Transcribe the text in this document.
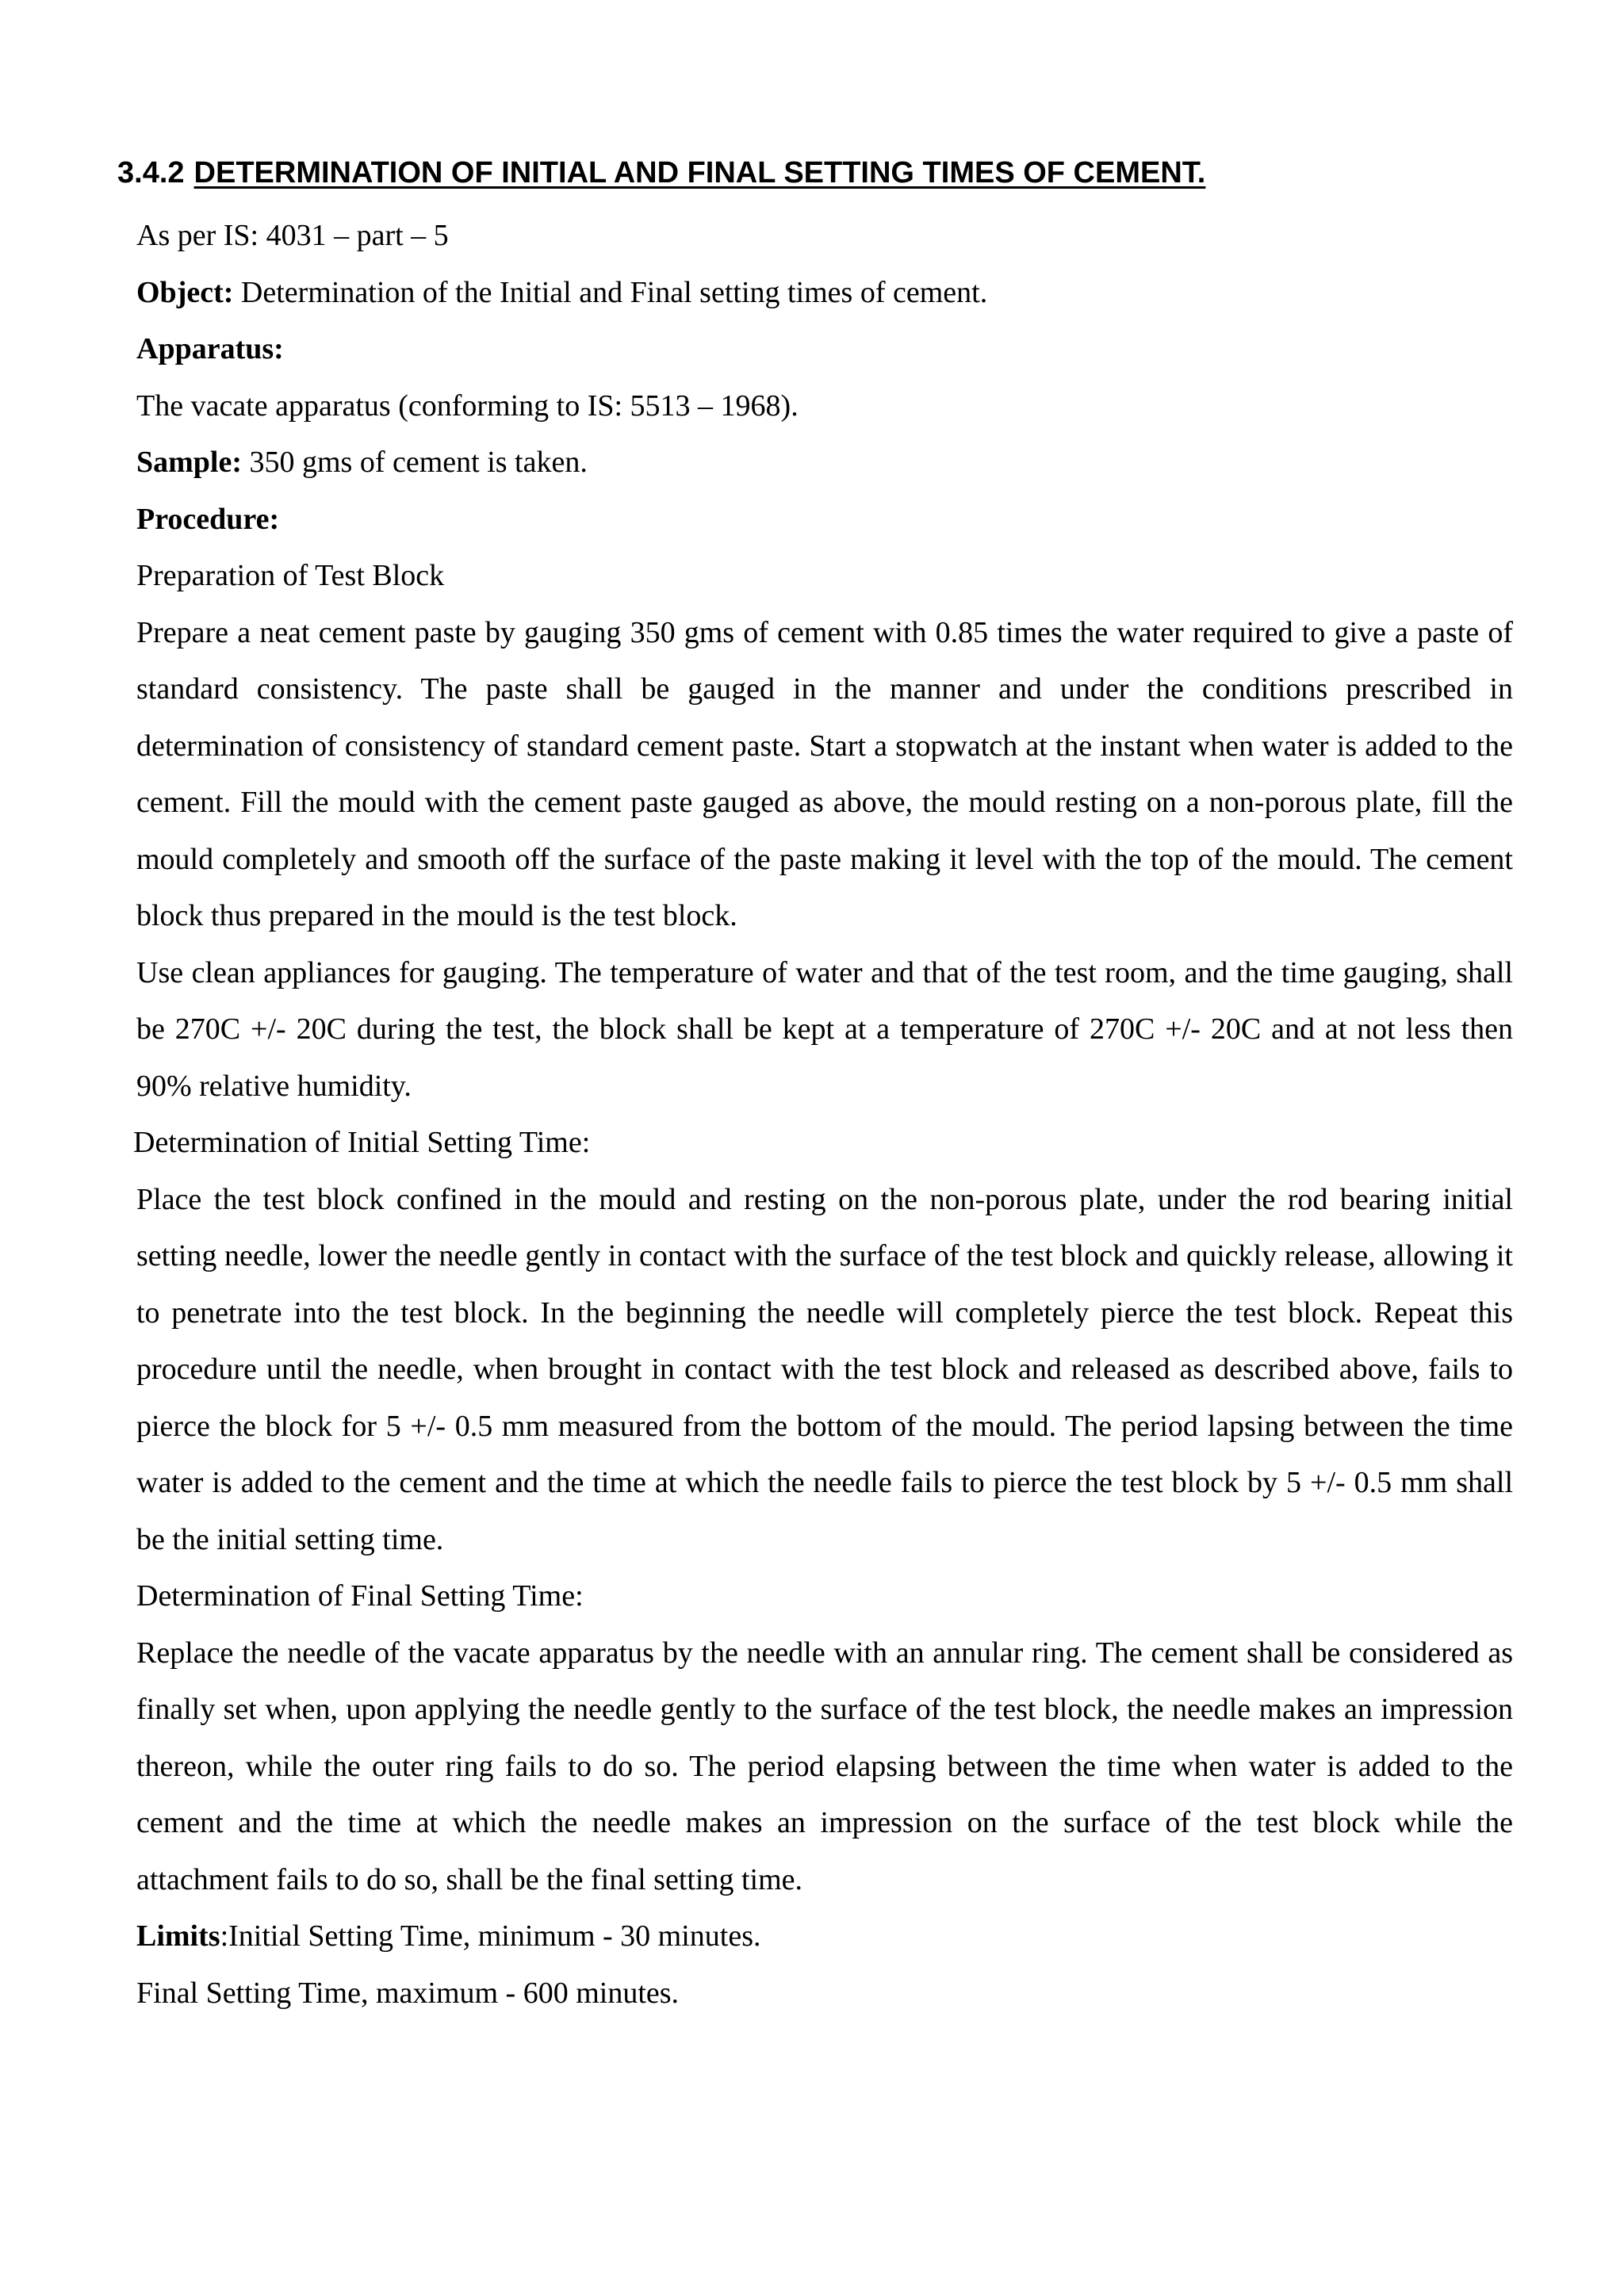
3.4.2 DETERMINATION OF INITIAL AND FINAL SETTING TIMES OF CEMENT.
As per IS: 4031 – part – 5
Object: Determination of the Initial and Final setting times of cement.
Apparatus:
The vacate apparatus (conforming to IS: 5513 – 1968).
Sample: 350 gms of cement is taken.
Procedure:
Preparation of Test Block

Prepare a neat cement paste by gauging 350 gms of cement with 0.85 times the water required to give a paste of standard consistency. The paste shall be gauged in the manner and under the conditions prescribed in determination of consistency of standard cement paste. Start a stopwatch at the instant when water is added to the cement. Fill the mould with the cement paste gauged as above, the mould resting on a non-porous plate, fill the mould completely and smooth off the surface of the paste making it level with the top of the mould. The cement block thus prepared in the mould is the test block.

Use clean appliances for gauging. The temperature of water and that of the test room, and the time gauging, shall be 270C +/- 20C during the test, the block shall be kept at a temperature of 270C +/- 20C and at not less then 90% relative humidity.

Determination of Initial Setting Time:

Place the test block confined in the mould and resting on the non-porous plate, under the rod bearing initial setting needle, lower the needle gently in contact with the surface of the test block and quickly release, allowing it to penetrate into the test block. In the beginning the needle will completely pierce the test block. Repeat this procedure until the needle, when brought in contact with the test block and released as described above, fails to pierce the block for 5 +/- 0.5 mm measured from the bottom of the mould. The period lapsing between the time water is added to the cement and the time at which the needle fails to pierce the test block by 5 +/- 0.5 mm shall be the initial setting time.

Determination of Final Setting Time:

Replace the needle of the vacate apparatus by the needle with an annular ring. The cement shall be considered as finally set when, upon applying the needle gently to the surface of the test block, the needle makes an impression thereon, while the outer ring fails to do so. The period elapsing between the time when water is added to the cement and the time at which the needle makes an impression on the surface of the test block while the attachment fails to do so, shall be the final setting time.

Limits:Initial Setting Time, minimum - 30 minutes.
Final Setting Time, maximum - 600 minutes.
